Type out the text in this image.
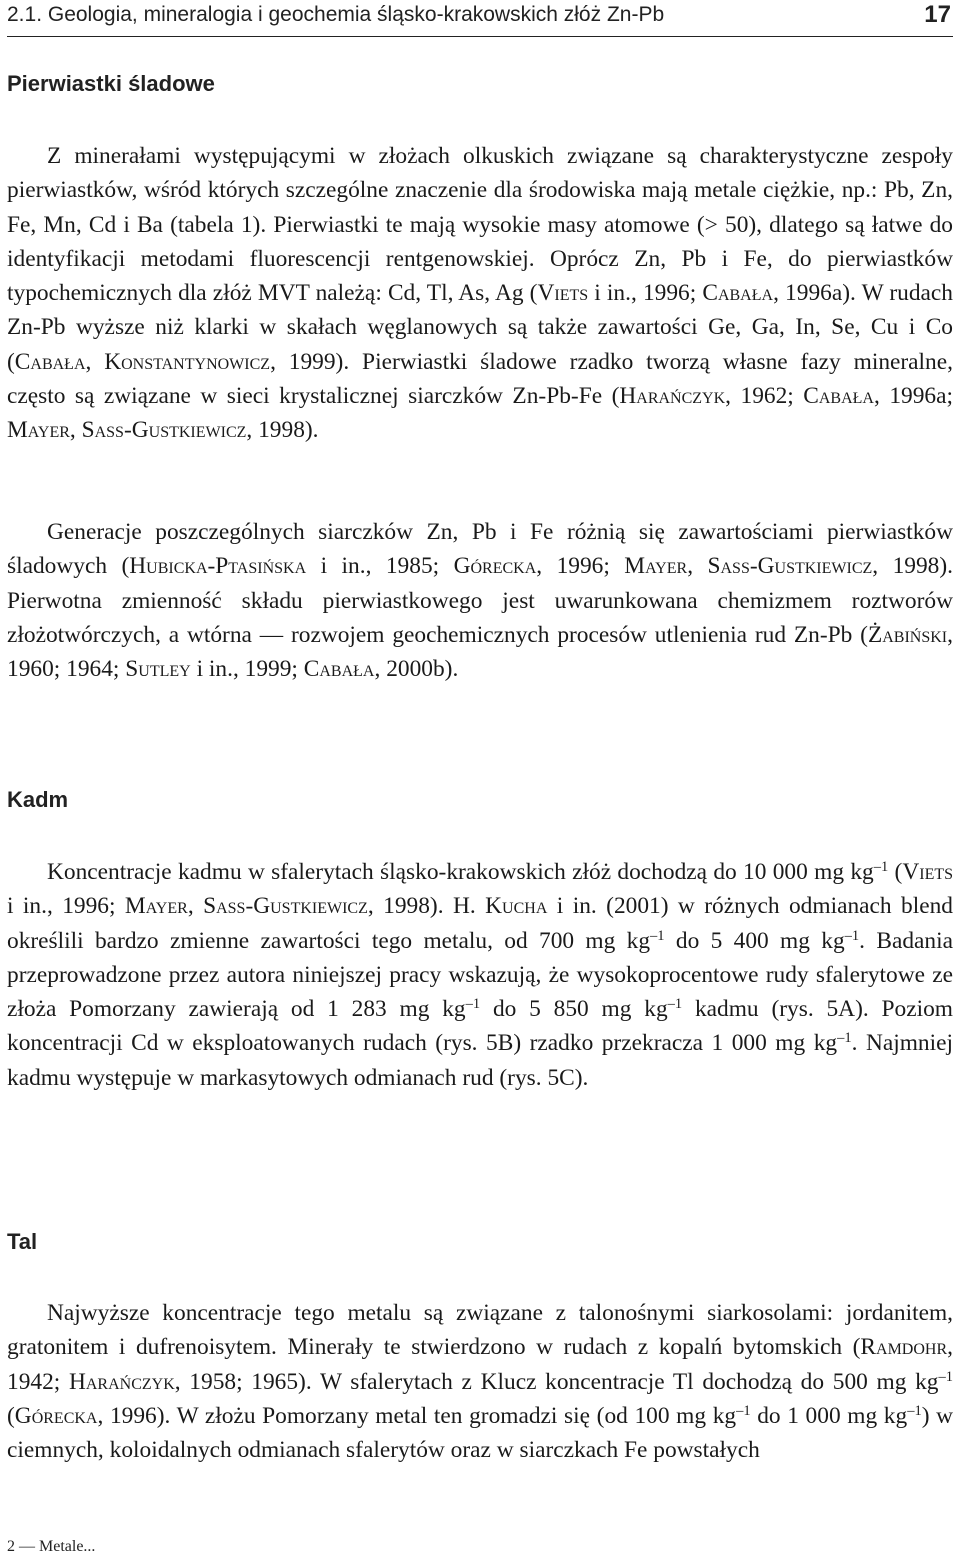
2.1. Geologia, mineralogia i geochemia śląsko-krakowskich złóż Zn-Pb	17
Pierwiastki śladowe

Z minerałami występującymi w złożach olkuskich związane są charakterystyczne zespoły pierwiastków, wśród których szczególne znaczenie dla środowiska mają metale ciężkie, np.: Pb, Zn, Fe, Mn, Cd i Ba (tabela 1). Pierwiastki te mają wysokie masy atomowe (> 50), dlatego są łatwe do identyfikacji metodami fluorescencji rentgenowskiej. Oprócz Zn, Pb i Fe, do pierwiastków typochemicznych dla złóż MVT należą: Cd, Tl, As, Ag (Viets i in., 1996; Cabała, 1996a). W rudach Zn-Pb wyższe niż klarki w skałach węglanowych są także zawartości Ge, Ga, In, Se, Cu i Co (Cabała, Konstantynowicz, 1999). Pierwiastki śladowe rzadko tworzą własne fazy mineralne, często są związane w sieci krystalicznej siarczków Zn-Pb-Fe (Harańczyk, 1962; Cabała, 1996a; Mayer, Sass-Gustkiewicz, 1998).

Generacje poszczególnych siarczków Zn, Pb i Fe różnią się zawartościami pierwiastków śladowych (Hubicka-Ptasińska i in., 1985; Górecka, 1996; Mayer, Sass-Gustkiewicz, 1998). Pierwotna zmienność składu pierwiastkowego jest uwarunkowana chemizmem roztworów złożotwórczych, a wtórna — rozwojem geochemicznych procesów utlenienia rud Zn-Pb (Żabiński, 1960; 1964; Sutley i in., 1999; Cabała, 2000b).

Kadm

Koncentracje kadmu w sfalerytach śląsko-krakowskich złóż dochodzą do 10 000 mg $kg^{-1}$ (Viets i in., 1996; Mayer, Sass-Gustkiewicz, 1998). H. Kucha i in. (2001) w różnych odmianach blend określili bardzo zmienne zawartości tego metalu, od 700 mg $kg^{-1}$ do 5 400 mg $kg^{-1}$. Badania przeprowadzone przez autora niniejszej pracy wskazują, że wysokoprocentowe rudy sfalerytowe ze złoża Pomorzany zawierają od 1 283 mg $kg^{-1}$ do 5 850 mg $kg^{-1}$ kadmu (rys. 5A). Poziom koncentracji Cd w eksploatowanych rudach (rys. 5B) rzadko przekracza 1 000 mg $kg^{-1}$. Najmniej kadmu występuje w markasytowych odmianach rud (rys. 5C).

Tal

Najwyższe koncentracje tego metalu są związane z talonośnymi siarkosolami: jordanitem, gratonitem i dufrenoisytem. Minerały te stwierdzono w rudach z kopalń bytomskich (Ramdohr, 1942; Harańczyk, 1958; 1965). W sfalerytach z Klucz koncentracje Tl dochodzą do 500 mg $kg^{-1}$ (Górecka, 1996). W złożu Pomorzany metal ten gromadzi się (od 100 mg $kg^{-1}$ do 1 000 mg $kg^{-1}$) w ciemnych, koloidalnych odmianach sfalerytów oraz w siarczkach Fe powstałych

2 — Metale...
